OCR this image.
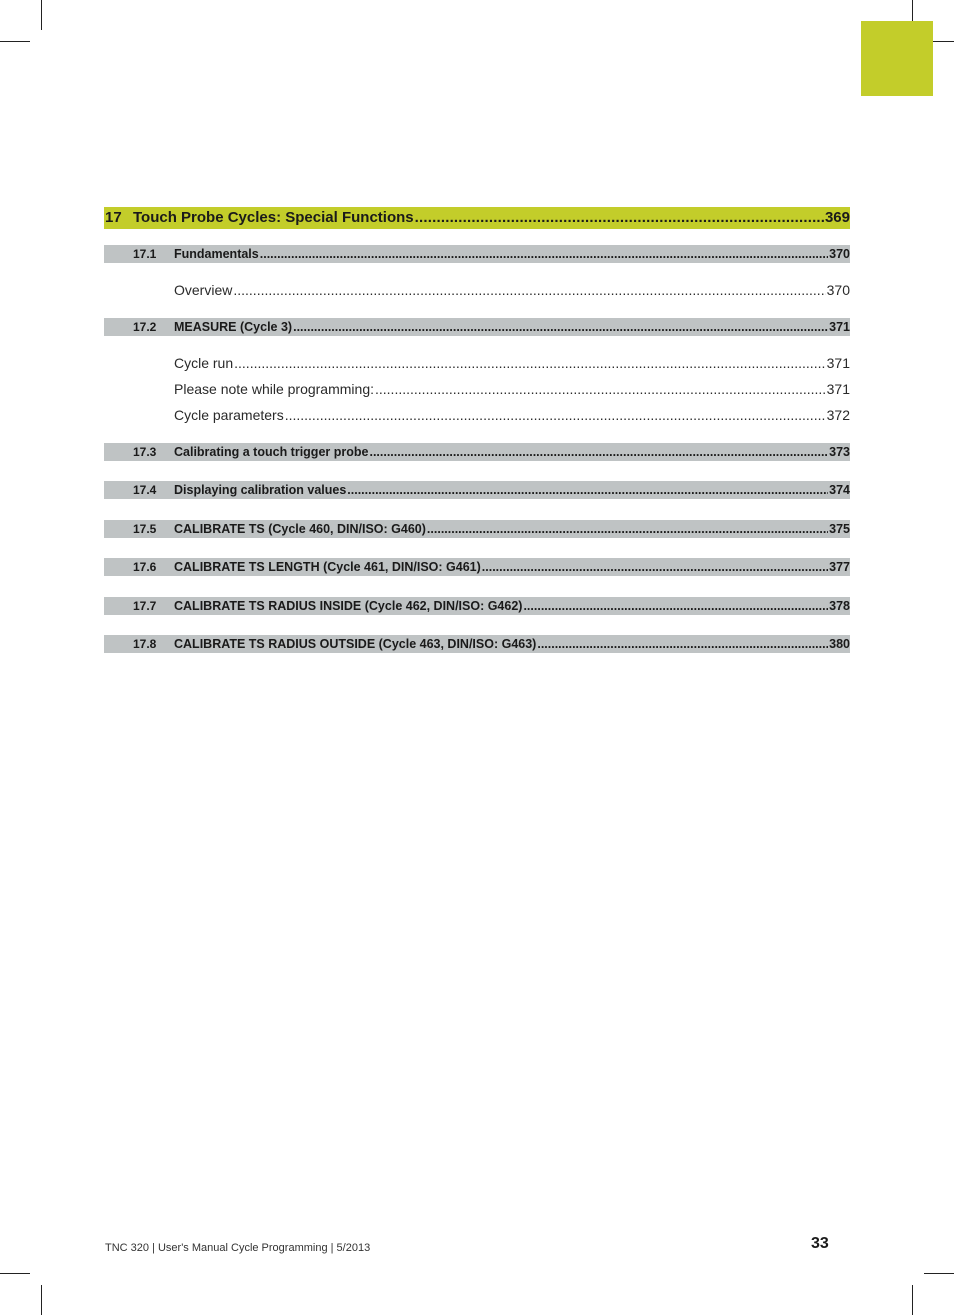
17 Touch Probe Cycles: Special Functions .....	369
17.1	Fundamentals .....	370
Overview .....	370
17.2	MEASURE (Cycle 3) .....	371
Cycle run .....	371
Please note while programming: .....	371
Cycle parameters .....	372
17.3	Calibrating a touch trigger probe .....	373
17.4	Displaying calibration values .....	374
17.5	CALIBRATE TS (Cycle 460, DIN/ISO: G460) .....	375
17.6	CALIBRATE TS LENGTH (Cycle 461, DIN/ISO: G461) .....	377
17.7	CALIBRATE TS RADIUS INSIDE (Cycle 462, DIN/ISO: G462) .....	378
17.8	CALIBRATE TS RADIUS OUTSIDE (Cycle 463, DIN/ISO: G463) .....	380
TNC 320 | User's Manual Cycle Programming | 5/2013	33
